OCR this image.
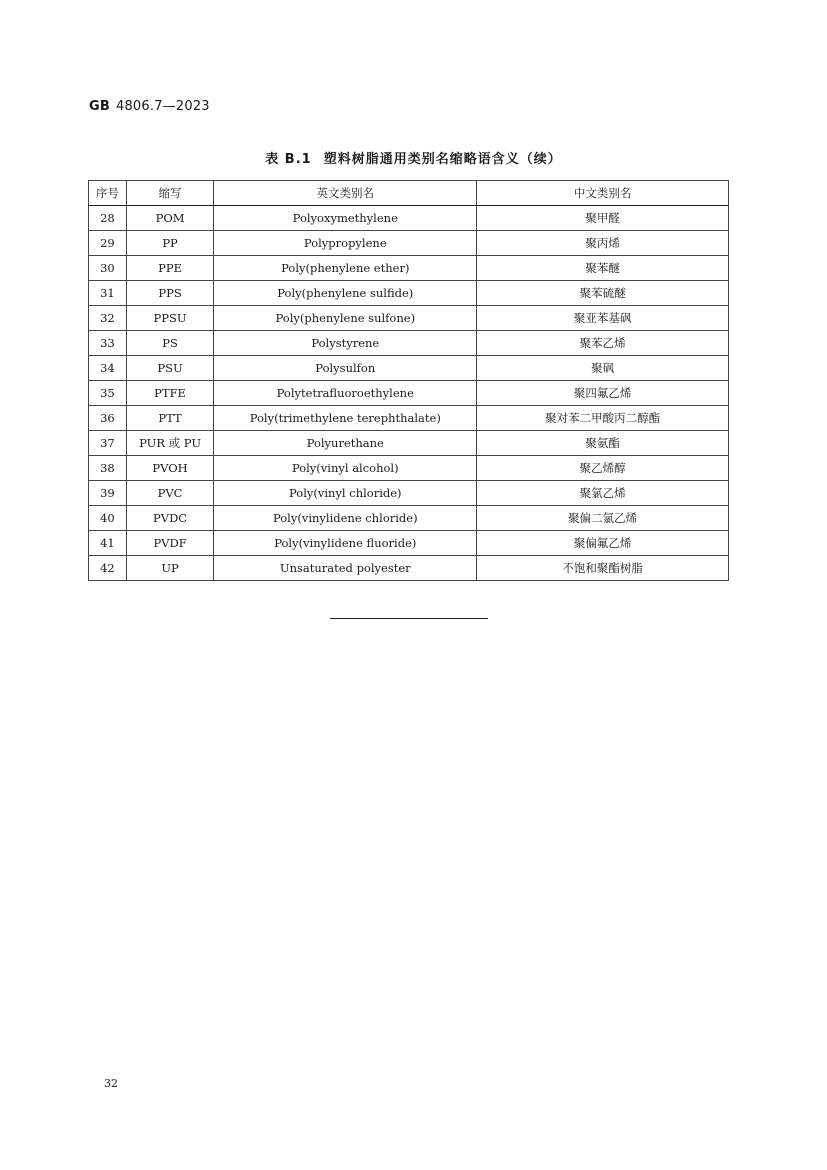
GB 4806.7—2023
表 B.1 塑料树脂通用类别名缩略语含义（续）
序号	缩写	英文类别名	中文类别名
28	POM	Polyoxymethylene	聚甲醛
29	PP	Polypropylene	聚丙烯
30	PPE	Poly(phenylene ether)	聚苯醚
31	PPS	Poly(phenylene sulfide)	聚苯硫醚
32	PPSU	Poly(phenylene sulfone)	聚亚苯基砜
33	PS	Polystyrene	聚苯乙烯
34	PSU	Polysulfon	聚砜
35	PTFE	Polytetrafluoroethylene	聚四氟乙烯
36	PTT	Poly(trimethylene terephthalate)	聚对苯二甲酸丙二醇酯
37	PUR 或 PU	Polyurethane	聚氨酯
38	PVOH	Poly(vinyl alcohol)	聚乙烯醇
39	PVC	Poly(vinyl chloride)	聚氯乙烯
40	PVDC	Poly(vinylidene chloride)	聚偏二氯乙烯
41	PVDF	Poly(vinylidene fluoride)	聚偏氟乙烯
42	UP	Unsaturated polyester	不饱和聚酯树脂
32
